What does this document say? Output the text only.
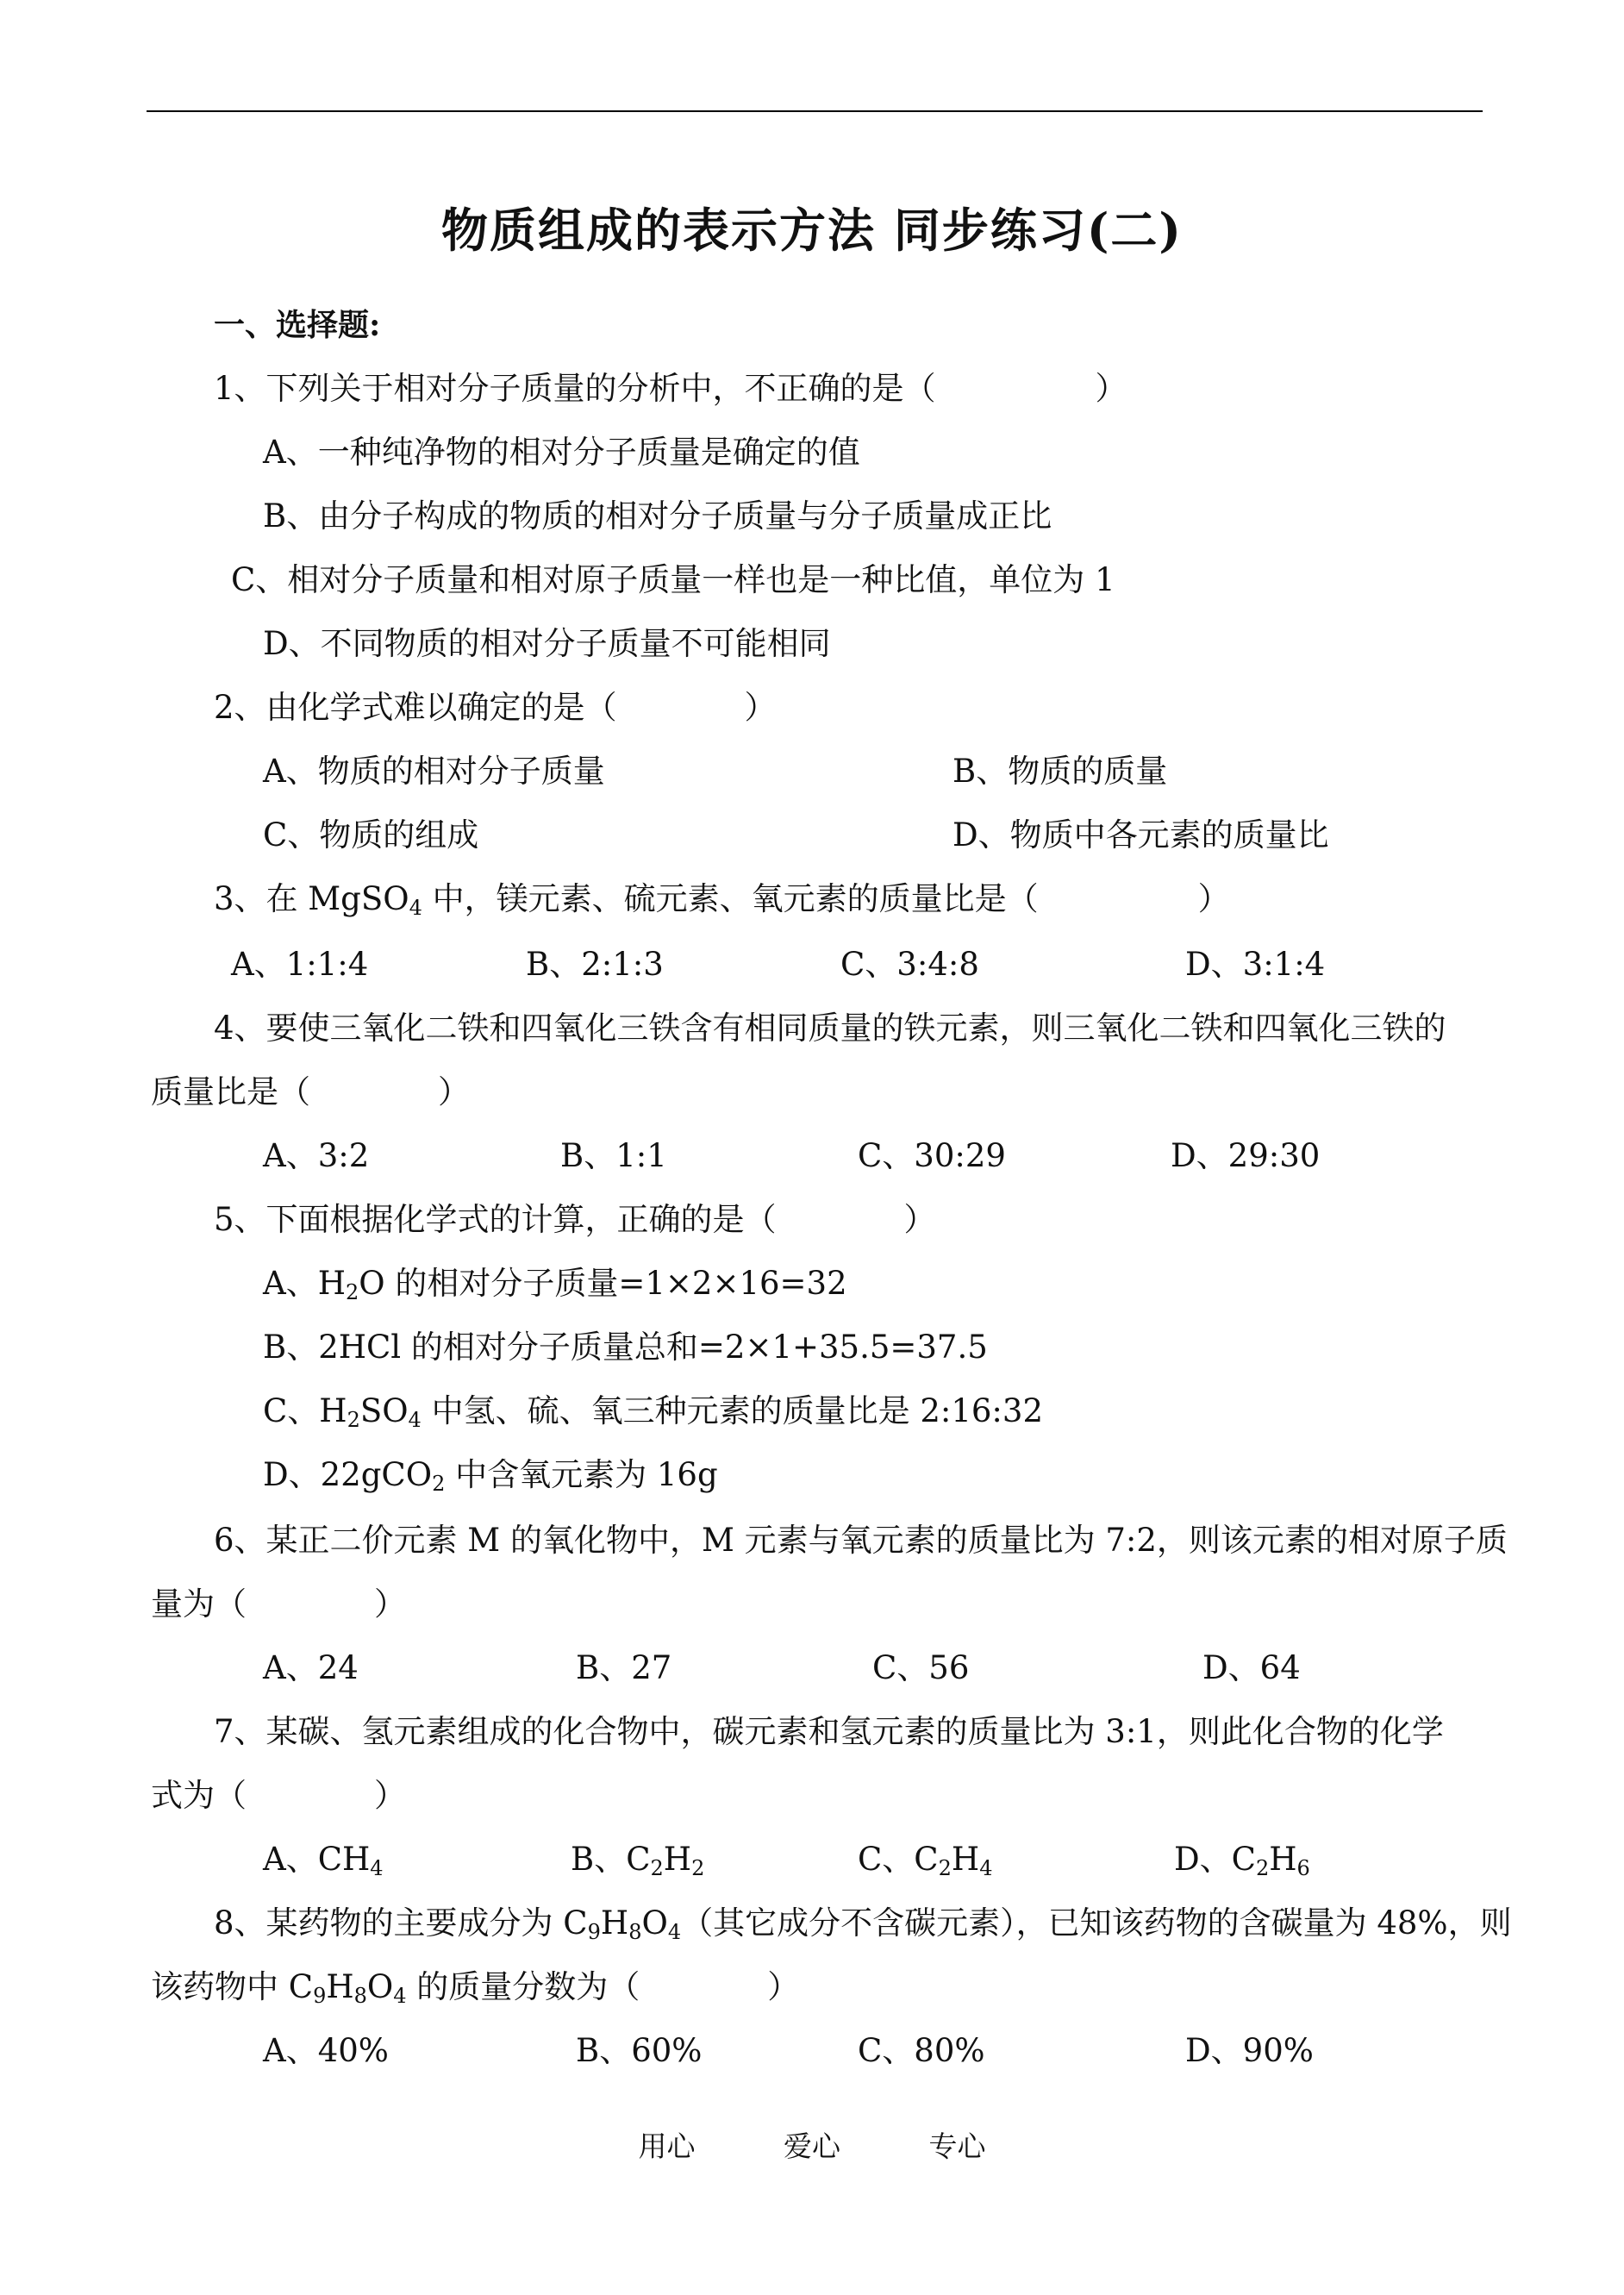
物质组成的表示方法 同步练习(二)
一、选择题:
1、下列关于相对分子质量的分析中，不正确的是（　　　　　）
A、一种纯净物的相对分子质量是确定的值
B、由分子构成的物质的相对分子质量与分子质量成正比
C、相对分子质量和相对原子质量一样也是一种比值，单位为 1
D、不同物质的相对分子质量不可能相同
2、由化学式难以确定的是（　　　　）
A、物质的相对分子质量	B、物质的质量
C、物质的组成	D、物质中各元素的质量比
3、在 MgSO$_4$ 中，镁元素、硫元素、氧元素的质量比是（　　　　　）
A、1:1:4	B、2:1:3	C、3:4:8	D、3:1:4
4、要使三氧化二铁和四氧化三铁含有相同质量的铁元素，则三氧化二铁和四氧化三铁的
质量比是（　　　　）
A、3:2	B、1:1	C、30:29	D、29:30
5、下面根据化学式的计算，正确的是（　　　　）
A、$H_2O$ 的相对分子质量=1×2×16=32
B、2HCl 的相对分子质量总和=2×1+35.5=37.5
C、$H_2SO_4$ 中氢、硫、氧三种元素的质量比是 2:16:32
D、22gCO$_2$ 中含氧元素为 16g
6、某正二价元素 M 的氧化物中，M 元素与氧元素的质量比为 7:2，则该元素的相对原子质
量为（　　　　）
A、24	B、27	C、56	D、64
7、某碳、氢元素组成的化合物中，碳元素和氢元素的质量比为 3:1，则此化合物的化学
式为（　　　　）
A、$CH_4$	B、$C_2H_2$	C、$C_2H_4$	D、$C_2H_6$
8、某药物的主要成分为 $C_9H_8O_4$（其它成分不含碳元素），已知该药物的含碳量为 48%，则
该药物中 $C_9H_8O_4$ 的质量分数为（　　　　）
A、40%	B、60%	C、80%	D、90%
用心	爱心	专心
